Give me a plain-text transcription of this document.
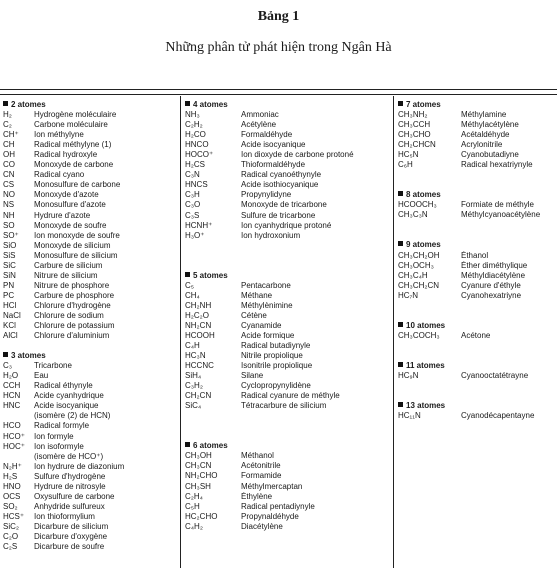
Bảng 1
Những phân tử phát hiện trong Ngân Hà
2 atomes
H₂	Hydrogène moléculaire
C₂	Carbone moléculaire
CH⁺	Ion méthylyne
CH	Radical méthylyne (1)
OH	Radical hydroxyle
CO	Monoxyde de carbone
CN	Radical cyano
CS	Monosulfure de carbone
NO	Monoxyde d'azote
NS	Monosulfure d'azote
NH	Hydrure d'azote
SO	Monoxyde de soufre
SO⁺	Ion monoxyde de soufre
SiO	Monoxyde de silicium
SiS	Monosulfure de silicium
SiC	Carbure de silicium
SiN	Nitrure de silicium
PN	Nitrure de phosphore
PC	Carbure de phosphore
HCl	Chlorure d'hydrogène
NaCl	Chlorure de sodium
KCl	Chlorure de potassium
AlCl	Chlorure d'aluminium
3 atomes
C₃	Tricarbone
H₂O	Eau
CCH	Radical éthynyle
HCN	Acide cyanhydrique
HNC	Acide isocyanique
(isomère (2) de HCN)
HCO	Radical formyle
HCO⁺	Ion formyle
HOC⁺	Ion isoformyle
(isomère de HCO⁺)
N₂H⁺	Ion hydrure de diazonium
H₂S	Sulfure d'hydrogène
HNO	Hydrure de nitrosyle
OCS	Oxysulfure de carbone
SO₂	Anhydride sulfureux
HCS⁺	Ion thioformylium
SiC₂	Dicarbure de silicium
C₂O	Dicarbure d'oxygène
C₂S	Dicarbure de soufre
4 atomes
NH₃	Ammoniac
C₂H₂	Acétylène
H₂CO	Formaldéhyde
HNCO	Acide isocyanique
HOCO⁺	Ion dioxyde de carbone protoné
H₂CS	Thioformaldéhyde
C₃N	Radical cyanoéthynyle
HNCS	Acide isothiocyanique
C₃H	Propynylidyne
C₃O	Monoxyde de tricarbone
C₃S	Sulfure de tricarbone
HCNH⁺	Ion cyanhydrique protoné
H₃O⁺	Ion hydroxonium
5 atomes
C₅	Pentacarbone
CH₄	Méthane
CH₂NH	Méthylènimine
H₂C₂O	Cétène
NH₂CN	Cyanamide
HCOOH	Acide formique
C₄H	Radical butadiynyle
HC₃N	Nitrile propiolique
HCCNC	Isonitrile propiolique
SiH₄	Silane
C₃H₂	Cyclopropynylidène
CH₂CN	Radical cyanure de méthyle
SiC₄	Tétracarbure de silicium
6 atomes
CH₃OH	Méthanol
CH₃CN	Acétonitrile
NH₂CHO	Formamide
CH₃SH	Méthylmercaptan
C₂H₄	Éthylène
C₅H	Radical pentadiynyle
HC₂CHO	Propynaldéhyde
C₄H₂	Diacétylène
7 atomes
CH₃NH₂	Méthylamine
CH₃CCH	Méthylacétylène
CH₃CHO	Acétaldéhyde
CH₂CHCN	Acrylonitrile
HC₅N	Cyanobutadiyne
C₆H	Radical hexatriynyle
8 atomes
HCOOCH₃	Formiate de méthyle
CH₃C₃N	Méthylcyanoacétylène
9 atomes
CH₃CH₂OH	Éthanol
CH₃OCH₃	Éther diméthylique
CH₃C₄H	Méthyldiacétylène
CH₃CH₂CN	Cyanure d'éthyle
HC₇N	Cyanohexatriyne
10 atomes
CH₃COCH₃	Acétone
11 atomes
HC₉N	Cyanooctatétrayne
13 atomes
HC₁₁N	Cyanodécapentayne
